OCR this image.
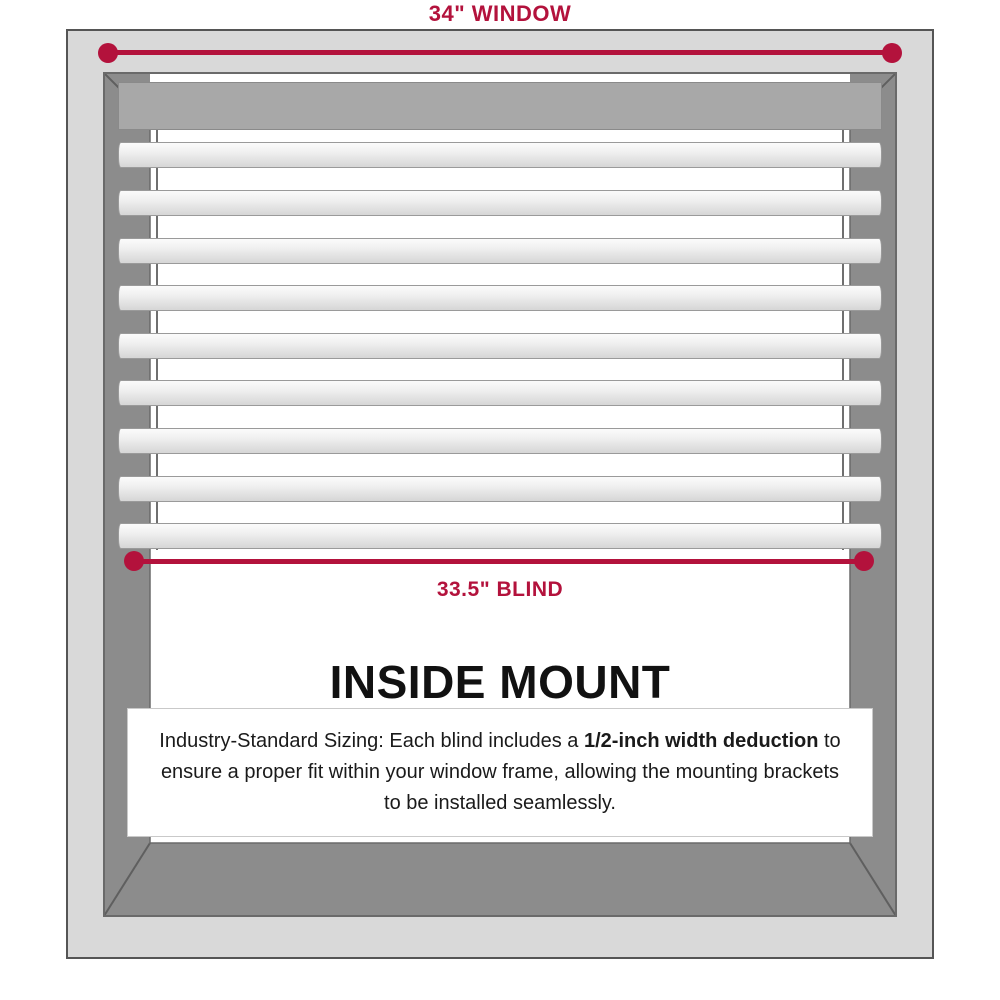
34" WINDOW
33.5" BLIND
INSIDE MOUNT

Industry-Standard Sizing: Each blind includes a 1/2-inch width deduction to ensure a proper fit within your window frame, allowing the mounting brackets to be installed seamlessly.
